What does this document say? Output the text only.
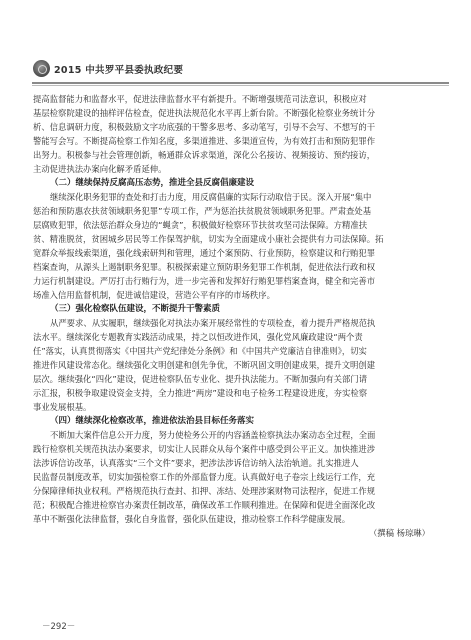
2015 中共罗平县委执政纪要

提高监督能力和监督水平，促进法律监督水平有新提升。不断增强规范司法意识，积极应对

基层检察院建设的抽样评估检查，促进执法规范化水平再上新台阶。不断强化检察业务统计分

析、信息调研力度，积极鼓励文字功底强的干警多思考、多动笔写，引导不会写、不想写的干

警能写会写。不断提高检察工作知名度，多渠道推进、多渠道宣传，为有效打击和预防犯罪作

出努力。积极参与社会管理创新，畅通群众诉求渠道，深化公名接访、视频接访、预约接访，

主动促进执法办案向化解矛盾延伸。

（二）继续保持反腐高压态势，推进全县反腐倡廉建设

继续深化职务犯罪的查处和打击力度，用反腐倡廉的实际行动取信于民。深入开展“集中

惩治和预防惠农扶贫领域职务犯罪”专项工作，严为惩治扶贫脱贫领域职务犯罪。严肃查处基

层腐败犯罪，依法惩治群众身边的“蝇贪”，积极做好检察环节扶贫攻坚司法保障。方精准扶

贫、精准脱贫，贫困城乡居民等工作保驾护航，切实为全面建成小康社会提供有力司法保障。拓

宽群众举报线索渠道，强化线索研判和管理，通过个案预防、行业预防，检察建议和行贿犯罪

档案查询，从源头上遏制职务犯罪。积极探索建立预防职务犯罪工作机制，促进依法行政和权

力运行机制建设。严厉打击行贿行为，进一步完善和发挥好行贿犯罪档案查询，健全和完善市

场准入信用监督机制，促进诚信建设，营造公平有序的市场秩序。

（三）强化检察队伍建设，不断提升干警素质

从严要求、从实履职，继续强化对执法办案开展经常性的专项检查，着力提升严格规范执

法水平。继续深化专题教育实践活动成果，持之以恒改进作风，强化党风廉政建设“两个责

任”落实，认真贯彻落实《中国共产党纪律处分条例》和《中国共产党廉洁自律准则》，切实

推进作风建设常态化。继续强化文明创建和创先争优，不断巩固文明创建成果，提升文明创建

层次。继续强化“四化”建设，促进检察队伍专业化、提升执法能力。不断加强向有关部门请

示汇报，积极争取建设资金支持，全力推进“两房”建设和电子检务工程建设进度，夯实检察

事业发展根基。

（四）继续深化检察改革，推进依法治县目标任务落实

不断加大案件信息公开力度，努力使检务公开的内容涵盖检察执法办案动态全过程，全面

践行检察机关规范执法办案要求，切实让人民群众从每个案件中感受到公平正义。加快推进涉

法涉诉信访改革，认真落实“三个文件”要求，把涉法涉诉信访纳入法治轨道。扎实推进人

民监督员制度改革，切实加强检察工作的外部监督力度。认真做好电子卷宗上线运行工作，充

分保障律师执业权利。严格规范执行查封、扣押、冻结、处理涉案财物司法程序，促进工作规

范；积极配合推进检察官办案责任制改革，确保改革工作顺利推进。在保障和促进全面深化改

革中不断强化法律监督，强化自身监督，强化队伍建设，推动检察工作科学健康发展。

（撰稿 杨琼琳）

－292－
